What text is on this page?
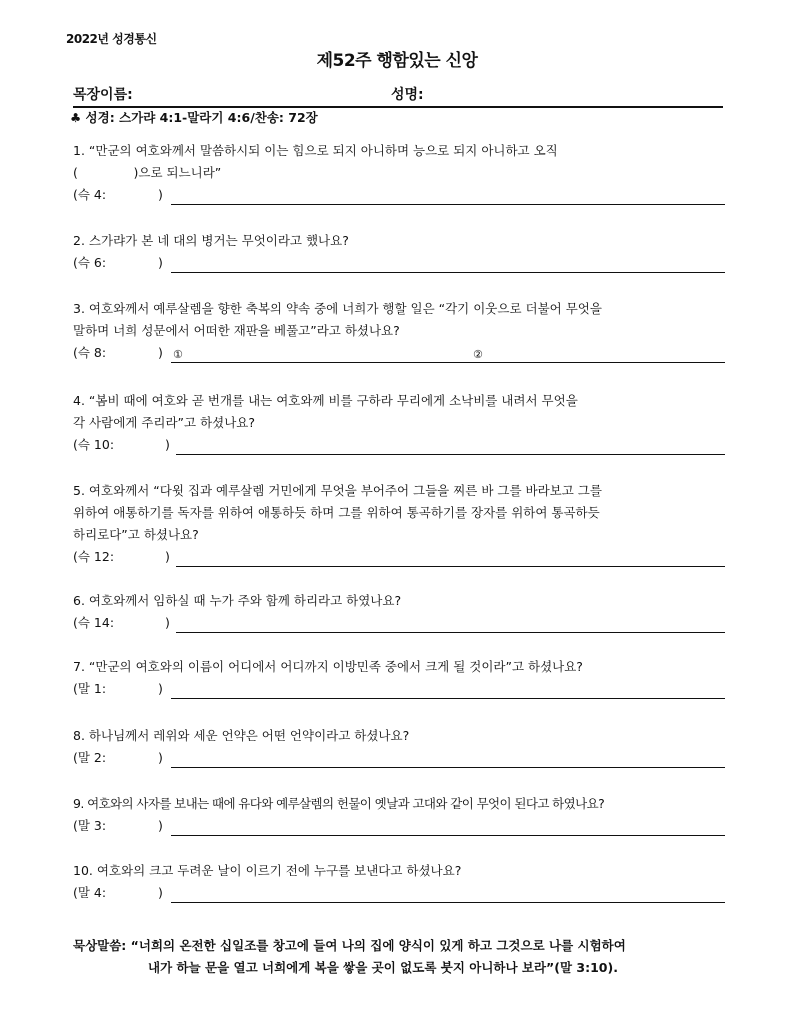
2022년 성경통신
제52주 행함있는 신앙
목장이름:	성명:
♣ 성경: 스가랴 4:1-말라기 4:6/찬송: 72장

1. “만군의 여호와께서 말씀하시되 이는 힘으로 되지 아니하며 능으로 되지 아니하고 오직

(              )으로 되느니라”

(슥 4:	)

2. 스가랴가 본 네 대의 병거는 무엇이라고 했나요?

(슥 6:	)

3. 여호와께서 예루살렘을 향한 축복의 약속 중에 너희가 행할 일은 “각기 이웃으로 더불어 무엇을

말하며 너희 성문에서 어떠한 재판을 베풀고”라고 하셨나요?

(슥 8:	) ①	②

4. “봄비 때에 여호와 곧 번개를 내는 여호와께 비를 구하라 무리에게 소낙비를 내려서 무엇을

각 사람에게 주리라”고 하셨나요?

(슥 10:	)

5. 여호와께서 “다윗 집과 예루살렘 거민에게 무엇을 부어주어 그들을 찌른 바 그를 바라보고 그를

위하여 애통하기를 독자를 위하여 애통하듯 하며 그를 위하여 통곡하기를 장자를 위하여 통곡하듯

하리로다”고 하셨나요?

(슥 12:	)

6. 여호와께서 임하실 때 누가 주와 함께 하리라고 하였나요?

(슥 14:	)

7. “만군의 여호와의 이름이 어디에서 어디까지 이방민족 중에서 크게 될 것이라”고 하셨나요?

(말 1:	)

8. 하나님께서 레위와 세운 언약은 어떤 언약이라고 하셨나요?

(말 2:	)

9. 여호와의 사자를 보내는 때에 유다와 예루살렘의 헌물이 옛날과 고대와 같이 무엇이 된다고 하였나요?

(말 3:	)

10. 여호와의 크고 두려운 날이 이르기 전에 누구를 보낸다고 하셨나요?

(말 4:	)
묵상말씀: “너희의 온전한 십일조를 창고에 들여 나의 집에 양식이 있게 하고 그것으로 나를 시험하여
내가 하늘 문을 열고 너희에게 복을 쌓을 곳이 없도록 붓지 아니하나 보라”(말 3:10).
